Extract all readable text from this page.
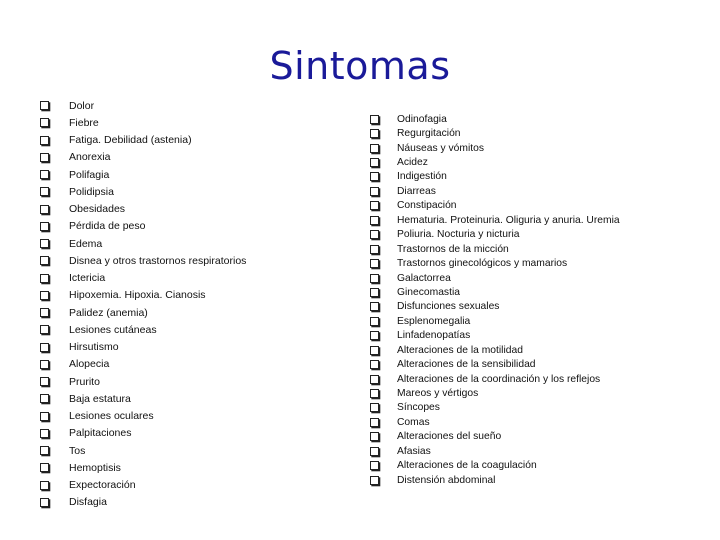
Sintomas
Dolor
Fiebre
Fatiga. Debilidad (astenia)
Anorexia
Polifagia
Polidipsia
Obesidades
Pérdida de peso
Edema
Disnea y otros trastornos respiratorios
Ictericia
Hipoxemia. Hipoxia. Cianosis
Palidez (anemia)
Lesiones cutáneas
Hirsutismo
Alopecia
Prurito
Baja estatura
Lesiones oculares
Palpitaciones
Tos
Hemoptisis
Expectoración
Disfagia
Odinofagia
Regurgitación
Náuseas y vómitos
Acidez
Indigestión
Diarreas
Constipación
Hematuria. Proteinuria. Oliguria y anuria. Uremia
Poliuria. Nocturia y nicturia
Trastornos de la micción
Trastornos ginecológicos y mamarios
Galactorrea
Ginecomastia
Disfunciones sexuales
Esplenomegalia
Linfadenopatías
Alteraciones de la motilidad
Alteraciones de la sensibilidad
Alteraciones de la coordinación y los reflejos
Mareos y vértigos
Síncopes
Comas
Alteraciones del sueño
Afasias
Alteraciones de la coagulación
Distensión abdominal
